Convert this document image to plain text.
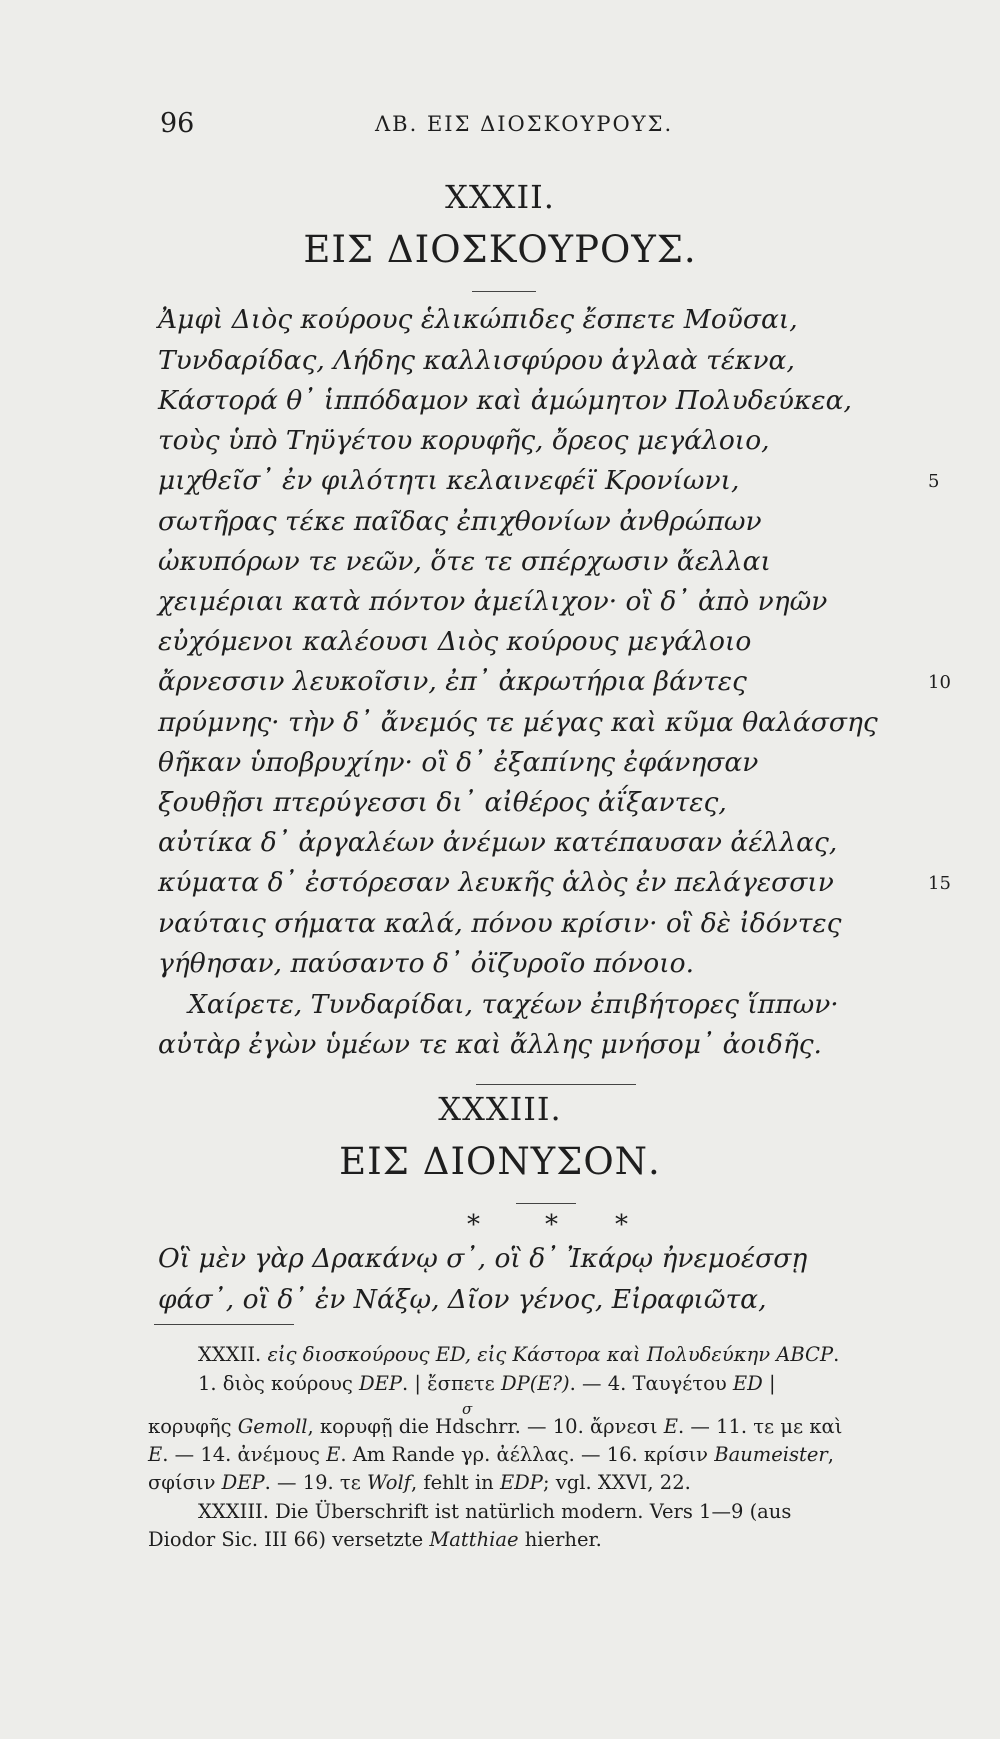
96	ΛΒ. ΕΙΣ ΔΙΟΣΚΟΥΡΟΥΣ.
XXXII.
ΕΙΣ ΔΙΟΣΚΟΥΡΟΥΣ.
Ἀμφὶ Διὸς κούρους ἑλικώπιδες ἔσπετε Μοῦσαι,
Τυνδαρίδας, Λήδης καλλισφύρου ἀγλαὰ τέκνα,
Κάστορά θ᾽ ἱππόδαμον καὶ ἀμώμητον Πολυδεύκεα,
τοὺς ὑπὸ Τηϋγέτου κορυφῆς, ὄρεος μεγάλοιο,
μιχθεῖσ᾽ ἐν φιλότητι κελαινεφέϊ Κρονίωνι,	5
σωτῆρας τέκε παῖδας ἐπιχθονίων ἀνθρώπων
ὠκυπόρων τε νεῶν, ὅτε τε σπέρχωσιν ἄελλαι
χειμέριαι κατὰ πόντον ἀμείλιχον· οἳ δ᾽ ἀπὸ νηῶν
εὐχόμενοι καλέουσι Διὸς κούρους μεγάλοιο
ἄρνεσσιν λευκοῖσιν, ἐπ᾽ ἀκρωτήρια βάντες	10
πρύμνης· τὴν δ᾽ ἄνεμός τε μέγας καὶ κῦμα θαλάσσης
θῆκαν ὑποβρυχίην· οἳ δ᾽ ἐξαπίνης ἐφάνησαν
ξουθῇσι πτερύγεσσι δι᾽ αἰθέρος ἀΐξαντες,
αὐτίκα δ᾽ ἀργαλέων ἀνέμων κατέπαυσαν ἀέλλας,
κύματα δ᾽ ἐστόρεσαν λευκῆς ἁλὸς ἐν πελάγεσσιν	15
ναύταις σήματα καλά, πόνου κρίσιν· οἳ δὲ ἰδόντες
γήθησαν, παύσαντο δ᾽ ὀϊζυροῖο πόνοιο.
Χαίρετε, Τυνδαρίδαι, ταχέων ἐπιβήτορες ἵππων·
αὐτὰρ ἐγὼν ὑμέων τε καὶ ἄλλης μνήσομ᾽ ἀοιδῆς.
XXXIII.
ΕΙΣ ΔΙΟΝΥΣΟΝ.
*	* *
Οἳ μὲν γὰρ Δρακάνῳ σ᾽, οἳ δ᾽ Ἰκάρῳ ἠνεμοέσσῃ
φάσ᾽, οἳ δ᾽ ἐν Νάξῳ, Δῖον γένος, Εἰραφιῶτα,
XXXII. εἰς διοσκούρους ED, εἰς Κάστορα καὶ Πολυδεύκην ABCP.
1. διὸς κούρους DEP. | ἔσπετε DP(E?). — 4. Ταυγέτου ED |
σ
κορυφῆς Gemoll, κορυφῇ die Hdschrr. — 10. ἄρνεσι E. — 11. τε με καὶ
E. — 14. ἀνέμους E. Am Rande γρ. ἀέλλας. — 16. κρίσιν Baumeister,
σφίσιν DEP. — 19. τε Wolf, fehlt in EDP; vgl. XXVI, 22.
XXXIII. Die Überschrift ist natürlich modern. Vers 1—9 (aus
Diodor Sic. III 66) versetzte Matthiae hierher.
